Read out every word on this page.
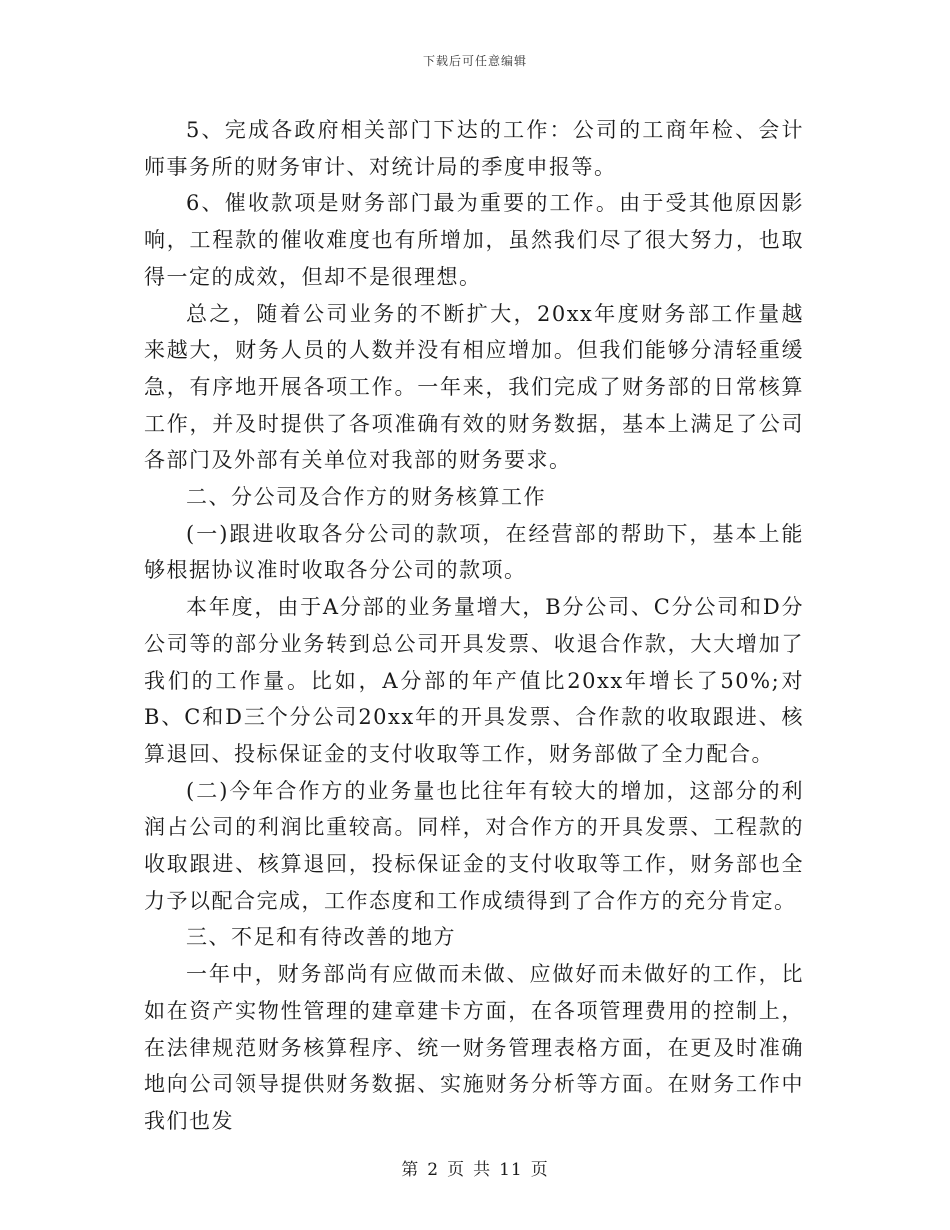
下载后可任意编辑

5、完成各政府相关部门下达的工作：公司的工商年检、会计师事务所的财务审计、对统计局的季度申报等。

6、催收款项是财务部门最为重要的工作。由于受其他原因影响，工程款的催收难度也有所增加，虽然我们尽了很大努力，也取得一定的成效，但却不是很理想。

总之，随着公司业务的不断扩大，20xx年度财务部工作量越来越大，财务人员的人数并没有相应增加。但我们能够分清轻重缓急，有序地开展各项工作。一年来，我们完成了财务部的日常核算工作，并及时提供了各项准确有效的财务数据，基本上满足了公司各部门及外部有关单位对我部的财务要求。

二、分公司及合作方的财务核算工作

(一)跟进收取各分公司的款项，在经营部的帮助下，基本上能够根据协议准时收取各分公司的款项。

本年度，由于A分部的业务量增大，B分公司、C分公司和D分公司等的部分业务转到总公司开具发票、收退合作款，大大增加了我们的工作量。比如，A分部的年产值比20xx年增长了50%;对B、C和D三个分公司20xx年的开具发票、合作款的收取跟进、核算退回、投标保证金的支付收取等工作，财务部做了全力配合。

(二)今年合作方的业务量也比往年有较大的增加，这部分的利润占公司的利润比重较高。同样，对合作方的开具发票、工程款的收取跟进、核算退回，投标保证金的支付收取等工作，财务部也全力予以配合完成，工作态度和工作成绩得到了合作方的充分肯定。

三、不足和有待改善的地方

一年中，财务部尚有应做而未做、应做好而未做好的工作，比如在资产实物性管理的建章建卡方面，在各项管理费用的控制上，在法律规范财务核算程序、统一财务管理表格方面，在更及时准确地向公司领导提供财务数据、实施财务分析等方面。在财务工作中我们也发

第 2 页 共 11 页
